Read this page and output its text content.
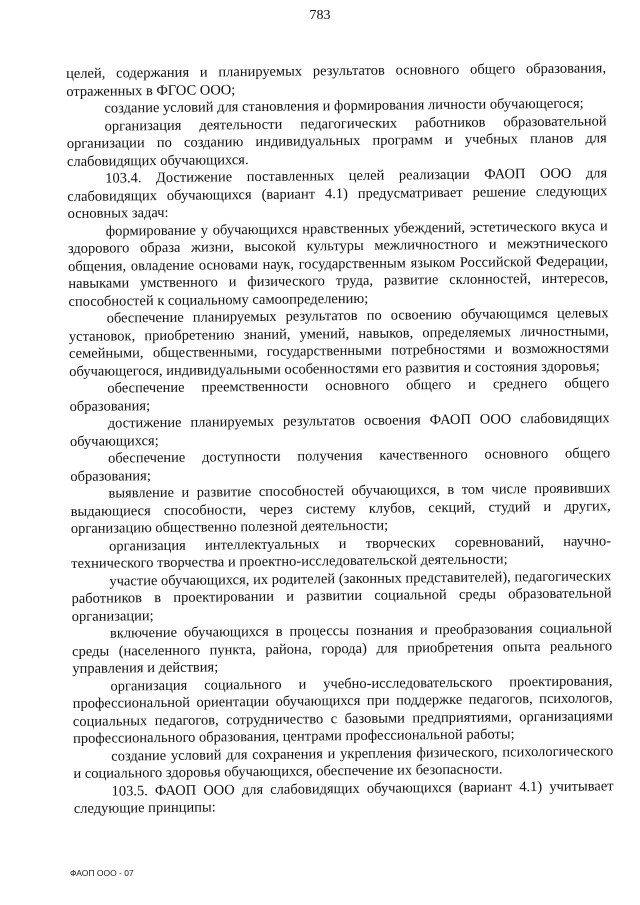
783

целей, содержания и планируемых результатов основного общего образования, отраженных в ФГОС ООО;

создание условий для становления и формирования личности обучающегося;

организация деятельности педагогических работников образовательной организации по созданию индивидуальных программ и учебных планов для слабовидящих обучающихся.

103.4. Достижение поставленных целей реализации ФАОП ООО для слабовидящих обучающихся (вариант 4.1) предусматривает решение следующих основных задач:

формирование у обучающихся нравственных убеждений, эстетического вкуса и здорового образа жизни, высокой культуры межличностного и межэтнического общения, овладение основами наук, государственным языком Российской Федерации, навыками умственного и физического труда, развитие склонностей, интересов, способностей к социальному самоопределению;

обеспечение планируемых результатов по освоению обучающимся целевых установок, приобретению знаний, умений, навыков, определяемых личностными, семейными, общественными, государственными потребностями и возможностями обучающегося, индивидуальными особенностями его развития и состояния здоровья;

обеспечение преемственности основного общего и среднего общего образования;

достижение планируемых результатов освоения ФАОП ООО слабовидящих обучающихся;

обеспечение доступности получения качественного основного общего образования;

выявление и развитие способностей обучающихся, в том числе проявивших выдающиеся способности, через систему клубов, секций, студий и других, организацию общественно полезной деятельности;

организация интеллектуальных и творческих соревнований, научно-технического творчества и проектно-исследовательской деятельности;

участие обучающихся, их родителей (законных представителей), педагогических работников в проектировании и развитии социальной среды образовательной организации;

включение обучающихся в процессы познания и преобразования социальной среды (населенного пункта, района, города) для приобретения опыта реального управления и действия;

организация социального и учебно-исследовательского проектирования, профессиональной ориентации обучающихся при поддержке педагогов, психологов, социальных педагогов, сотрудничество с базовыми предприятиями, организациями профессионального образования, центрами профессиональной работы;

создание условий для сохранения и укрепления физического, психологического и социального здоровья обучающихся, обеспечение их безопасности.

103.5. ФАОП ООО для слабовидящих обучающихся (вариант 4.1) учитывает следующие принципы:

ФАОП ООО - 07
